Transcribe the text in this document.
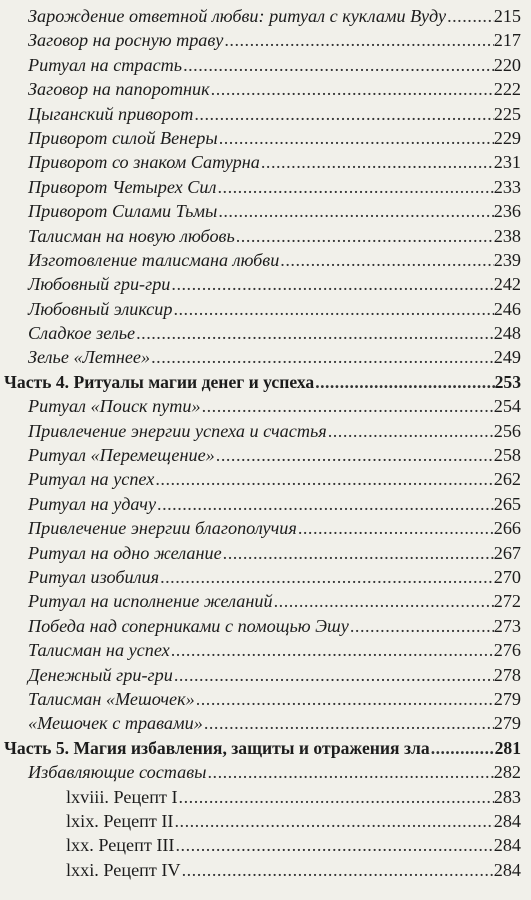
Зарождение ответной любви: ритуал с куклами Вуду .....	215
Заговор на росную траву .....	217
Ритуал на страсть .....	220
Заговор на папоротник .....	222
Цыганский приворот .....	225
Приворот силой Венеры .....	229
Приворот со знаком Сатурна .....	231
Приворот Четырех Сил .....	233
Приворот Силами Тьмы .....	236
Талисман на новую любовь .....	238
Изготовление талисмана любви .....	239
Любовный гри-гри .....	242
Любовный эликсир .....	246
Сладкое зелье .....	248
Зелье «Летнее» .....	249
Часть 4. Ритуалы магии денег и успеха .....	253
Ритуал «Поиск пути» .....	254
Привлечение энергии успеха и счастья .....	256
Ритуал «Перемещение» .....	258
Ритуал на успех .....	262
Ритуал на удачу .....	265
Привлечение энергии благополучия .....	266
Ритуал на одно желание .....	267
Ритуал изобилия .....	270
Ритуал на исполнение желаний .....	272
Победа над соперниками с помощью Эшу .....	273
Талисман на успех .....	276
Денежный гри-гри .....	278
Талисман «Мешочек» .....	279
«Мешочек с травами» .....	279
Часть 5. Магия избавления, защиты и отражения зла .....	281
Избавляющие составы .....	282
lxviii. Рецепт I .....	283
lxix. Рецепт II .....	284
lxx. Рецепт III .....	284
lxxi. Рецепт IV .....	284
